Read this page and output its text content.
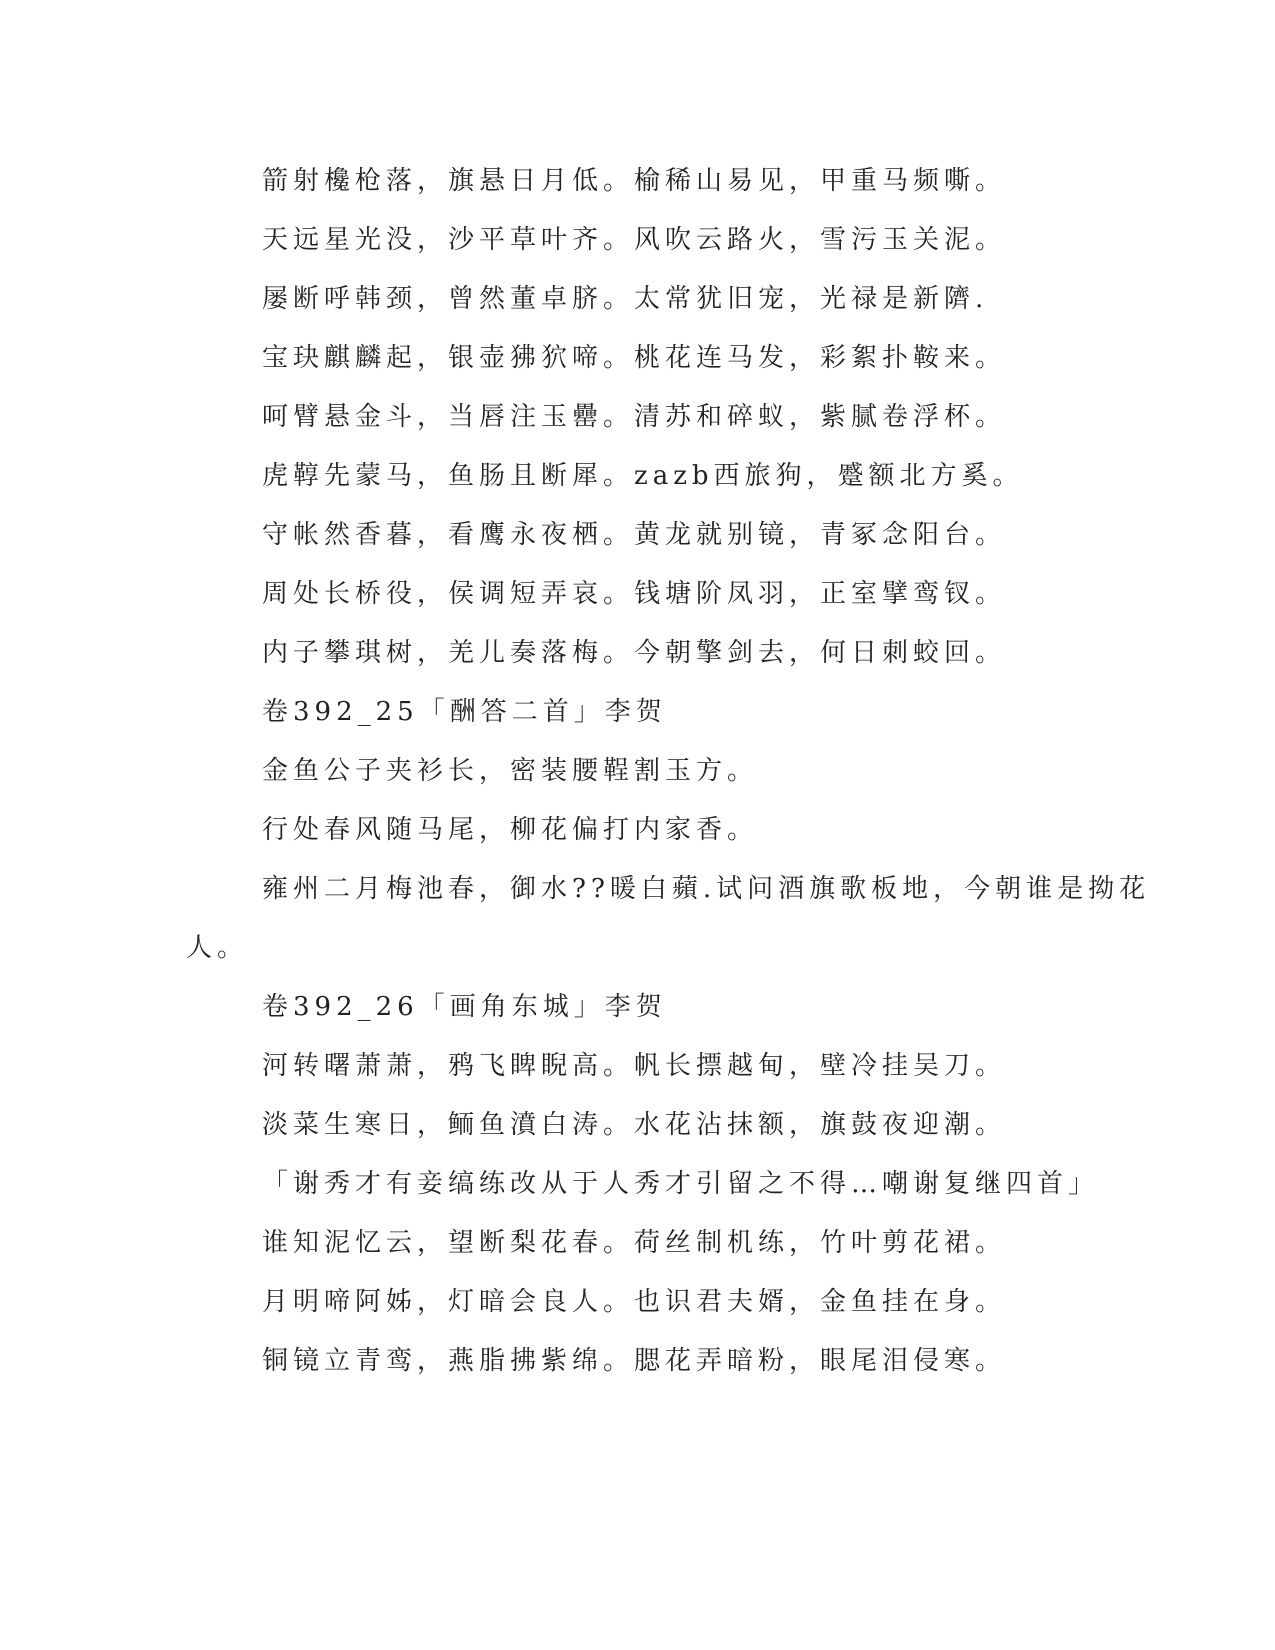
箭射欃枪落，旗悬日月低。榆稀山易见，甲重马频嘶。
天远星光没，沙平草叶齐。风吹云路火，雪污玉关泥。
屡断呼韩颈，曾然董卓脐。太常犹旧宠，光禄是新隮.
宝玦麒麟起，银壶狒狖啼。桃花连马发，彩絮扑鞍来。
呵臂悬金斗，当唇注玉罍。清苏和碎蚁，紫腻卷浮杯。
虎鞟先蒙马，鱼肠且断犀。zazb西旅狗，蹙额北方奚。
守帐然香暮，看鹰永夜栖。黄龙就别镜，青冢念阳台。
周处长桥役，侯调短弄哀。钱塘阶凤羽，正室擘鸾钗。
内子攀琪树，羌儿奏落梅。今朝擎剑去，何日刺蛟回。
卷392_25「酬答二首」李贺
金鱼公子夹衫长，密装腰鞓割玉方。
行处春风随马尾，柳花偏打内家香。
雍州二月梅池春，御水??暖白蘋.试问酒旗歌板地，今朝谁是拗花
人。
卷392_26「画角东城」李贺
河转曙萧萧，鸦飞睥睨高。帆长摽越甸，壁冷挂吴刀。
淡菜生寒日，鲕鱼濆白涛。水花沾抹额，旗鼓夜迎潮。
「谢秀才有妾缟练改从于人秀才引留之不得…嘲谢复继四首」
谁知泥忆云，望断梨花春。荷丝制机练，竹叶剪花裙。
月明啼阿姊，灯暗会良人。也识君夫婿，金鱼挂在身。
铜镜立青鸾，燕脂拂紫绵。腮花弄暗粉，眼尾泪侵寒。
